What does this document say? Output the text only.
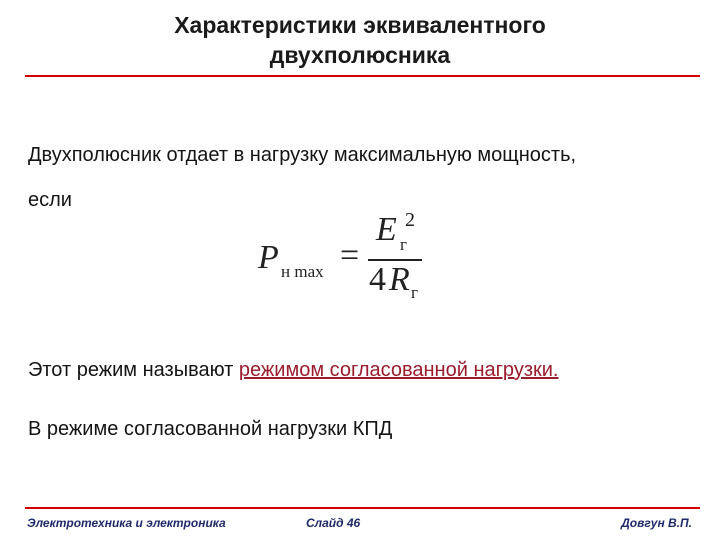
Характеристики эквивалентного
двухполюсника
Двухполюсник отдает в нагрузку максимальную мощность,
если
P н max =
E 2
г
4 R г
Этот режим называют режимом согласованной нагрузки.
В режиме согласованной нагрузки КПД
Электротехника и электроника	Слайд 46	Довгун В.П.
